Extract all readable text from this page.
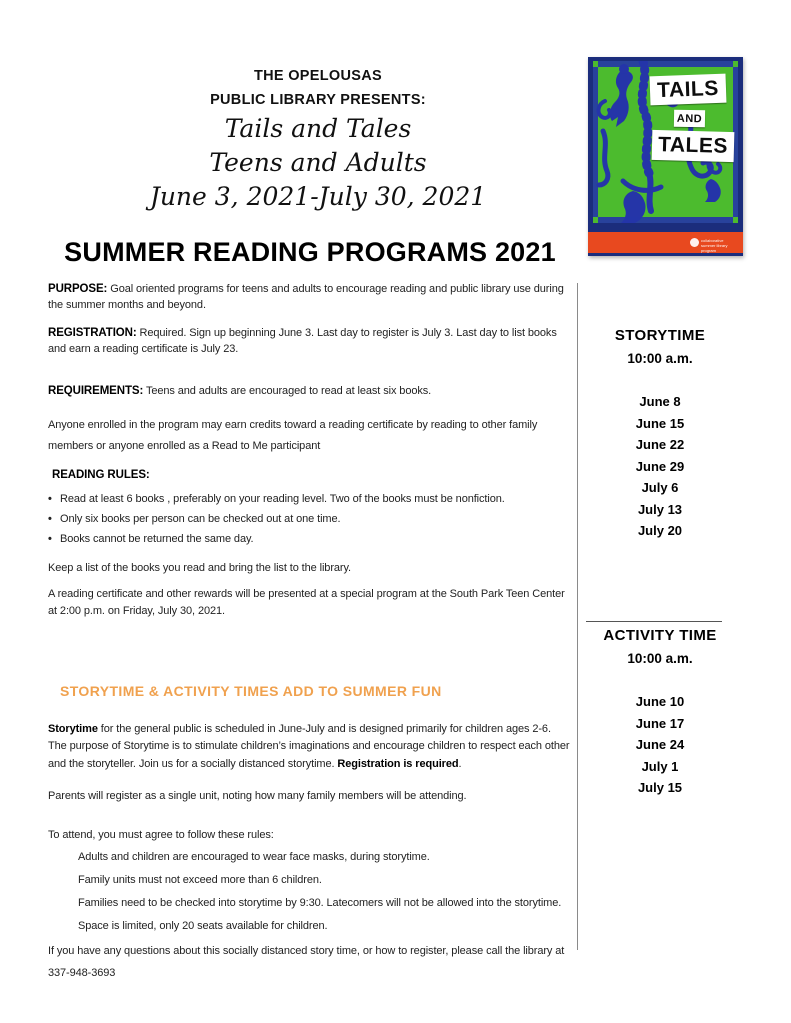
THE OPELOUSAS
PUBLIC LIBRARY PRESENTS:
Tails and Tales
Teens and Adults
June 3, 2021-July 30, 2021
SUMMER READING PROGRAMS 2021
TAILS
AND
TALES
collaborative summer library program

PURPOSE: Goal oriented programs for teens and adults to encourage reading and public library use during the summer months and beyond.

REGISTRATION: Required. Sign up beginning June 3. Last day to register is July 3. Last day to list books and earn a reading certificate is July 23.

REQUIREMENTS: Teens and adults are encouraged to read at least six books.

Anyone enrolled in the program may earn credits toward a reading certificate by reading to other family members or anyone enrolled as a Read to Me participant

READING RULES:

• Read at least 6 books , preferably on your reading level. Two of the books must be nonfiction.
• Only six books per person can be checked out at one time.
• Books cannot be returned the same day.

Keep a list of the books you read and bring the list to the library.

A reading certificate and other rewards will be presented at a special program at the South Park Teen Center at 2:00 p.m. on Friday, July 30, 2021.

STORYTIME & ACTIVITY TIMES ADD TO SUMMER FUN

Storytime for the general public is scheduled in June-July and is designed primarily for children ages 2-6. The purpose of Storytime is to stimulate children’s imaginations and encourage children to respect each other and the storyteller. Join us for a socially distanced storytime. Registration is required.

Parents will register as a single unit, noting how many family members will be attending.

To attend, you must agree to follow these rules:

Adults and children are encouraged to wear face masks, during storytime.
Family units must not exceed more than 6 children.
Families need to be checked into storytime by 9:30. Latecomers will not be allowed into the storytime.
Space is limited, only 20 seats available for children.
If you have any questions about this socially distanced story time, or how to register, please call the library at
337-948-3693
STORYTIME
10:00 a.m.
June 8
June 15
June 22
June 29
July 6
July 13
July 20
ACTIVITY TIME
10:00 a.m.
June 10
June 17
June 24
July 1
July 15
